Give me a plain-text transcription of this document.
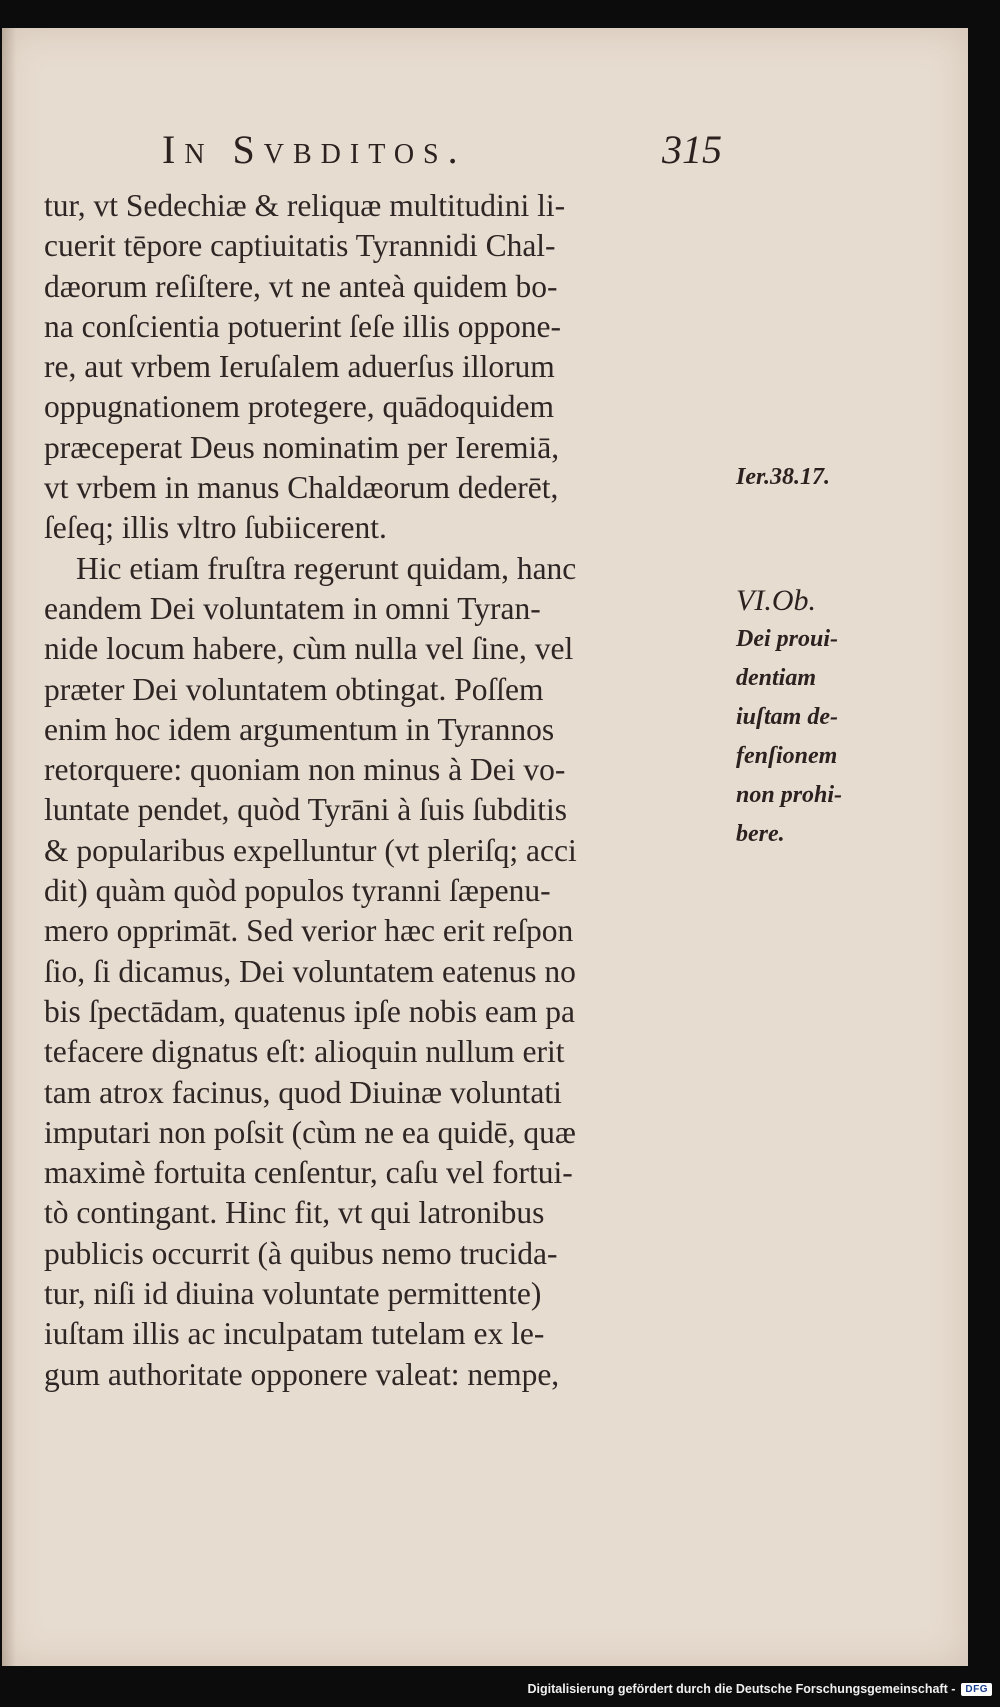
In Svbditos.	315
tur, vt Sedechiæ & reliquæ multitudini li-
cuerit tēpore captiuitatis Tyrannidi Chal-
dæorum reſiſtere, vt ne anteà quidem bo-
na conſcientia potuerint ſeſe illis oppone-
re, aut vrbem Ieruſalem aduerſus illorum
oppugnationem protegere, quādoquidem
præceperat Deus nominatim per Ieremiā,
vt vrbem in manus Chaldæorum dederēt,
ſeſeq; illis vltro ſubiicerent.
Hic etiam fruſtra regerunt quidam, hanc
eandem Dei voluntatem in omni Tyran-
nide locum habere, cùm nulla vel ſine, vel
præter Dei voluntatem obtingat. Poſſem
enim hoc idem argumentum in Tyrannos
retorquere: quoniam non minus à Dei vo-
luntate pendet, quòd Tyrāni à ſuis ſubditis
& popularibus expelluntur (vt pleriſq; acci
dit) quàm quòd populos tyranni ſæpenu-
mero opprimāt. Sed verior hæc erit reſpon
ſio, ſi dicamus, Dei voluntatem eatenus no
bis ſpectādam, quatenus ipſe nobis eam pa
tefacere dignatus eſt: alioquin nullum erit
tam atrox facinus, quod Diuinæ voluntati
imputari non poſsit (cùm ne ea quidē, quæ
maximè fortuita cenſentur, caſu vel fortui-
tò contingant. Hinc fit, vt qui latronibus
publicis occurrit (à quibus nemo trucida-
tur, niſi id diuina voluntate permittente)
iuſtam illis ac inculpatam tutelam ex le-
gum authoritate opponere valeat: nempe,
Ier.38.17.
VI.Ob.
Dei proui-
dentiam
iuſtam de-
fenſionem
non prohi-
bere.
Digitalisierung gefördert durch die Deutsche Forschungsgemeinschaft -	DFG
